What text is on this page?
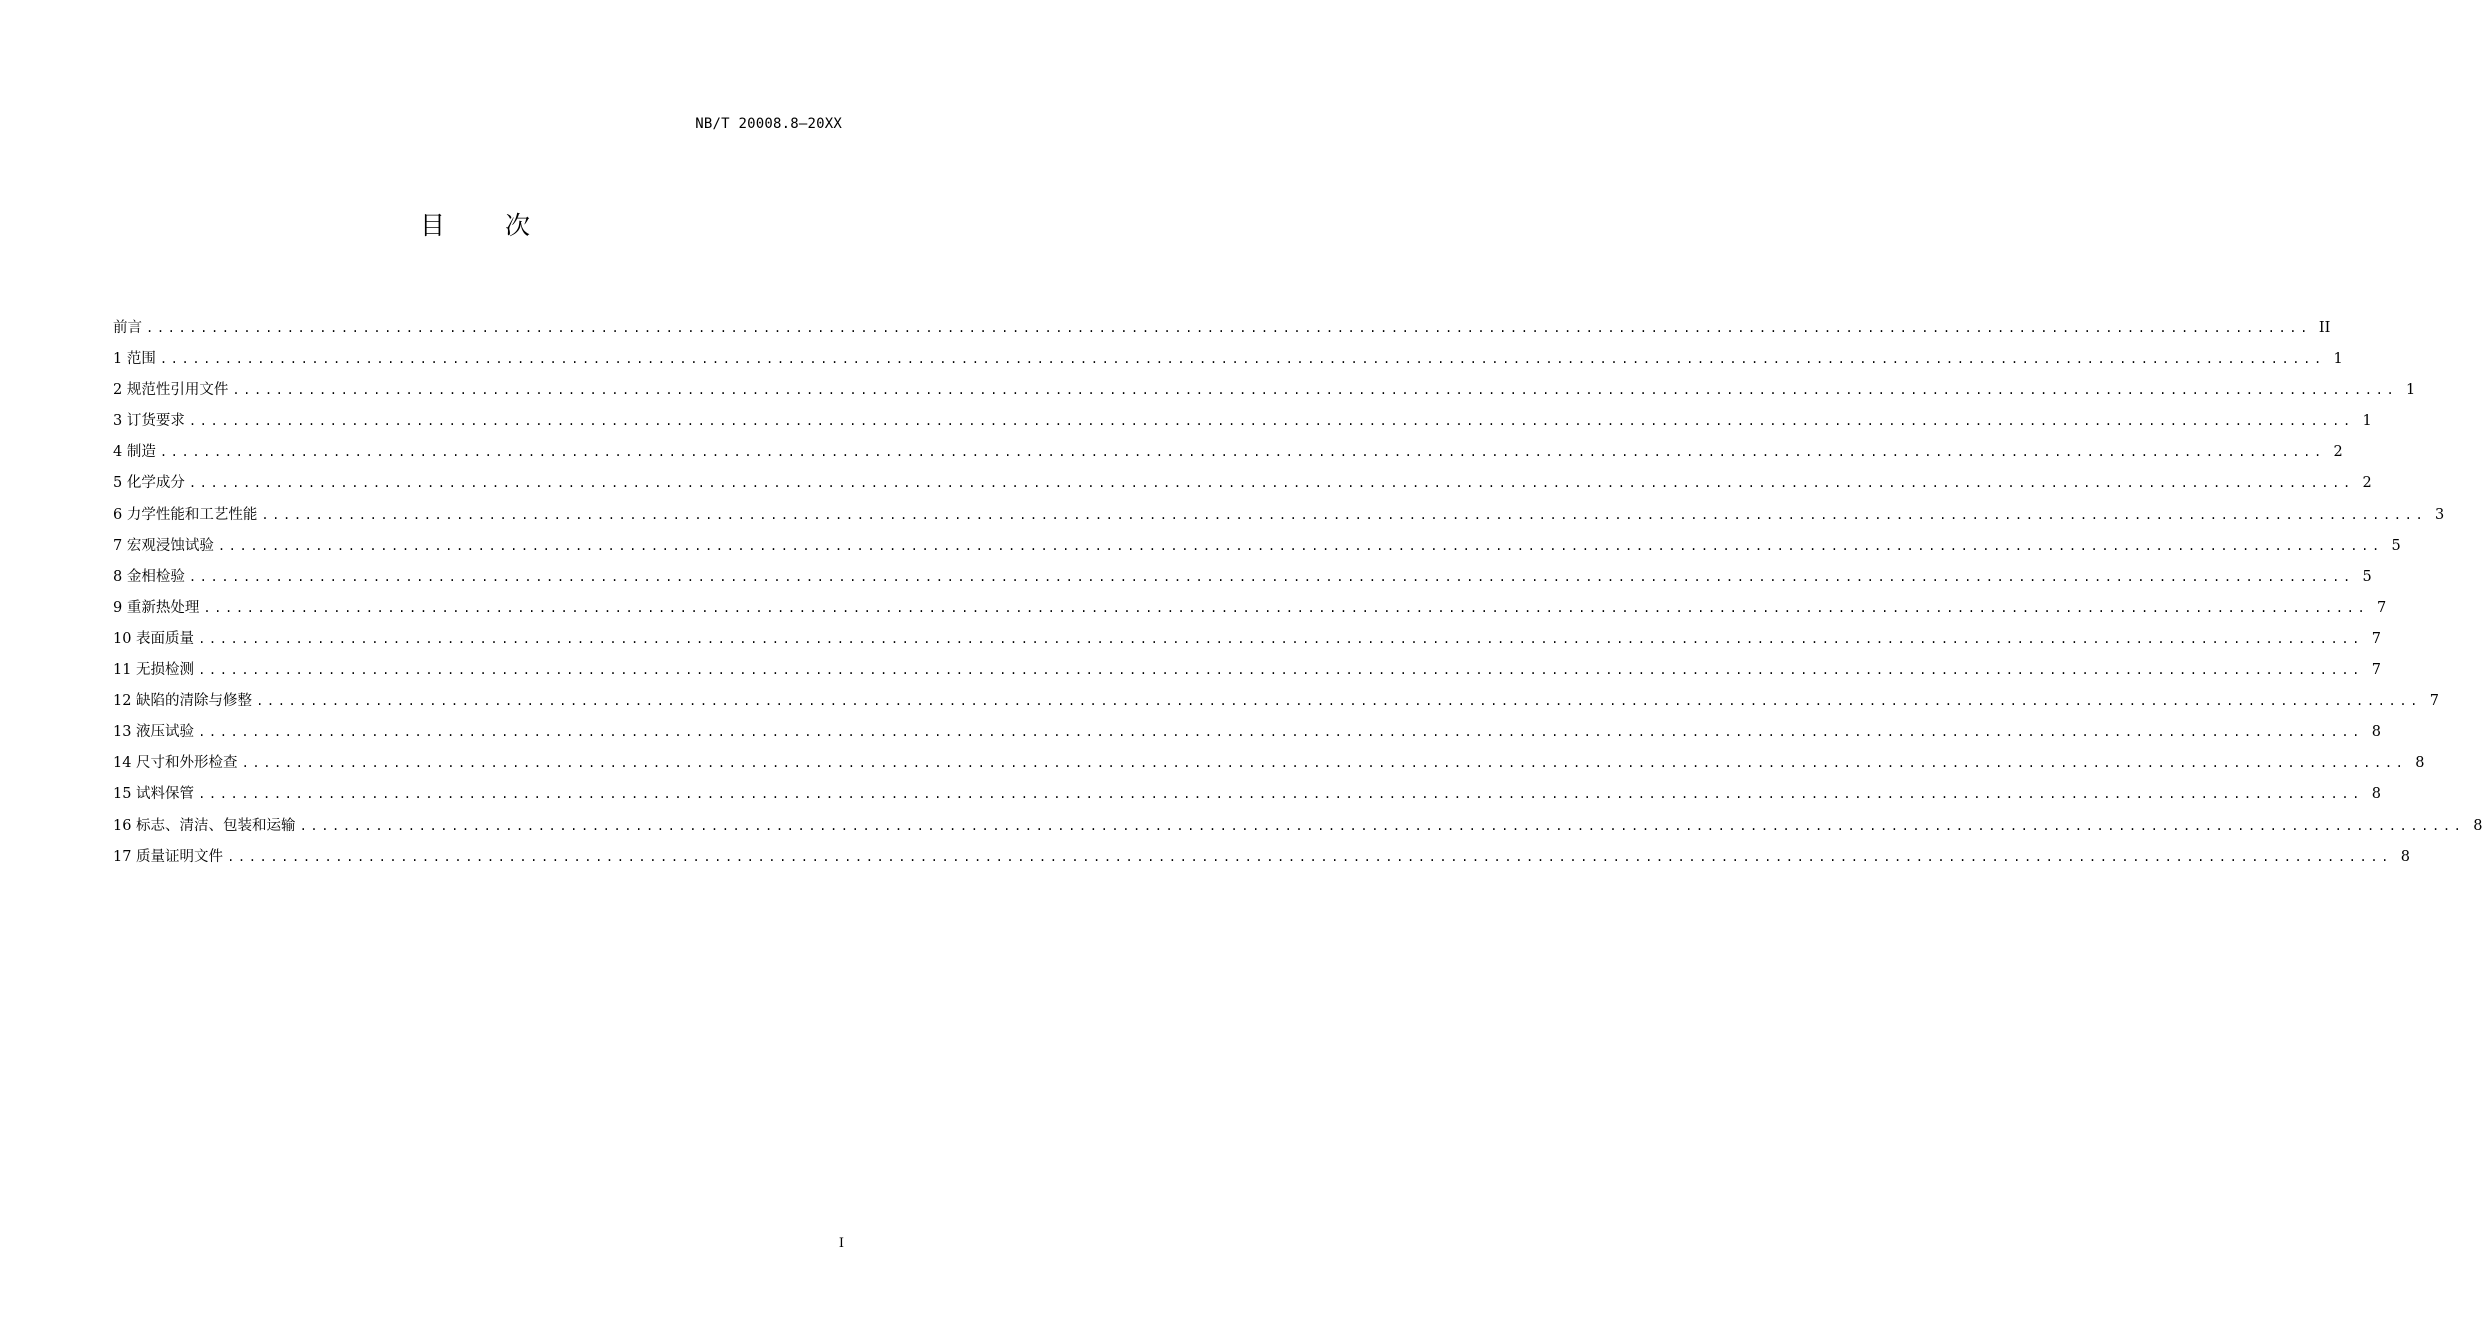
NB/T 20008.8—20XX
目 次
前言 ........................................................................................................................................................................................................ II
1 范围 ........................................................................................................................................................................................................ 1
2 规范性引用文件 ........................................................................................................................................................................................................ 1
3 订货要求 ........................................................................................................................................................................................................ 1
4 制造 ........................................................................................................................................................................................................ 2
5 化学成分 ........................................................................................................................................................................................................ 2
6 力学性能和工艺性能 ........................................................................................................................................................................................................ 3
7 宏观浸蚀试验 ........................................................................................................................................................................................................ 5
8 金相检验 ........................................................................................................................................................................................................ 5
9 重新热处理 ........................................................................................................................................................................................................ 7
10 表面质量 ........................................................................................................................................................................................................ 7
11 无损检测 ........................................................................................................................................................................................................ 7
12 缺陷的清除与修整 ........................................................................................................................................................................................................ 7
13 液压试验 ........................................................................................................................................................................................................ 8
14 尺寸和外形检查 ........................................................................................................................................................................................................ 8
15 试料保管 ........................................................................................................................................................................................................ 8
16 标志、清洁、包装和运输 ........................................................................................................................................................................................................ 8
17 质量证明文件 ........................................................................................................................................................................................................ 8
I
